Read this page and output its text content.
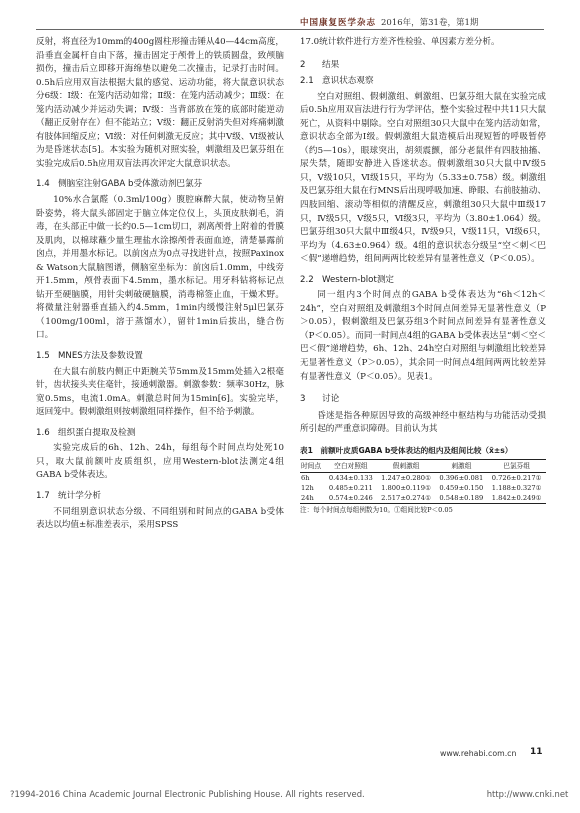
中国康复医学杂志 2016年，第31卷，第1期

反射，将直径为10mm的400g圆柱形撞击锤从40—44cm高度，沿垂直金属杆自由下落，撞击固定于颅骨上的铁质圆盘，致颅脑损伤，撞击后立即移开海绵垫以避免二次撞击，记录打击时间。0.5h后应用双盲法根据大鼠的感觉、运动功能，将大鼠意识状态分6级：Ⅰ级：在笼内活动如常；Ⅱ级：在笼内活动减少；Ⅲ级：在笼内活动减少并运动失调；Ⅳ级：当背部放在笼的底部时能逆动（翻正反射存在）但不能站立；Ⅴ级：翻正反射消失但对疼痛刺激有肢体回缩反应；Ⅵ级：对任何刺激无反应；其中Ⅴ级、Ⅵ级被认为是昏迷状态[5]。本实验为随机对照实验，刺激组及巴氯芬组在实验完成后0.5h应用双盲法再次评定大鼠意识状态。

1.4 侧脑室注射GABA b受体激动剂巴氯芬

10%水合氯醛（0.3ml/100g）腹腔麻醉大鼠，使动物呈俯卧姿势，将大鼠头部固定于脑立体定位仪上，头顶皮肤剃毛，消毒，在头部正中做一长约0.5—1cm切口，剥离颅骨上附着的骨膜及肌肉，以棉球蘸少量生理盐水涂擦颅骨表面血迹，清楚暴露前囟点，并用墨水标记。以前囟点为0点寻找进针点，按照Paxinox & Watson大鼠脑图谱，侧脑室坐标为：前囟后1.0mm，中线旁开1.5mm，颅骨表面下4.5mm，墨水标记。用牙科钻将标记点钻开至硬脑膜，用针尖刺破硬脑膜，消毒棉签止血，干燥术野。将微量注射器垂直插入约4.5mm，1min内缓慢注射5μl巴氯芬（100mg/100ml，溶于蒸馏水），留针1min后拔出，缝合伤口。

1.5 MNES方法及参数设置

在大鼠右前肢内侧正中距腕关节5mm及15mm处插入2根毫针，齿状接头夹住毫针，接通刺激器。刺激参数：频率30Hz，脉宽0.5ms，电流1.0mA。刺激总时间为15min[6]。实验完毕，返回笼中。假刺激组则按刺激组同样操作，但不给予刺激。

1.6 组织蛋白提取及检测

实验完成后的6h、12h、24h，每组每个时间点均处死10只，取大鼠前额叶皮质组织，应用Western-blot法测定4组GABA b受体表达。

1.7 统计学分析

不同组别意识状态分级、不同组别和时间点的GABA b受体表达以均值±标准差表示，采用SPSS

17.0统计软件进行方差齐性检验、单因素方差分析。

2 结果
2.1 意识状态观察

空白对照组、假刺激组、刺激组、巴氯芬组大鼠在实验完成后0.5h应用双盲法进行行为学评估，整个实验过程中共11只大鼠死亡，从资料中剔除。空白对照组30只大鼠中在笼内活动如常，意识状态全部为Ⅰ级。假刺激组大鼠造模后出现短暂的呼吸暂停（约5—10s），眼球突出，胡须震颤，部分老鼠伴有四肢抽搐、尿失禁，随即安静进入昏迷状态。假刺激组30只大鼠中Ⅳ级5只，Ⅴ级10只，Ⅵ级15只，平均为（5.33±0.758）级。刺激组及巴氯芬组大鼠在行MNS后出现呼吸加速、睁眼、右前肢抽动、四肢回缩、滚动等相似的清醒反应，刺激组30只大鼠中Ⅲ级17只，Ⅳ级5只，Ⅴ级5只，Ⅵ级3只，平均为（3.80±1.064）级。巴氯芬组30只大鼠中Ⅲ级4只，Ⅳ级9只，Ⅴ级11只，Ⅵ级6只，平均为（4.63±0.964）级。4组的意识状态分级呈“空＜刺＜巴＜假”递增趋势，组间两两比较差异有显著性意义（P＜0.05）。

2.2 Western-blot测定

同一组内3个时间点的GABA b受体表达为“6h＜12h＜24h”，空白对照组及刺激组3个时间点间差异无显著性意义（P＞0.05），假刺激组及巴氯芬组3个时间点间差异有显著性意义（P＜0.05）。而同一时间点4组的GABA b受体表达呈“刺＜空＜巴＜假”递增趋势，6h、12h、24h空白对照组与刺激组比较差异无显著性意义（P＞0.05），其余同一时间点4组间两两比较差异有显著性意义（P＜0.05）。见表1。

3 讨论

昏迷是指各种原因导致的高级神经中枢结构与功能活动受损所引起的严重意识障碍。目前认为其

表1　前额叶皮质GABA b受体表达的组内及组间比较（x̄±s）
时间点	空白对照组	假刺激组	刺激组	巴氯芬组
6h	0.434±0.133	1.247±0.280①	0.396±0.081	0.726±0.217①
12h	0.485±0.211	1.800±0.119①	0.459±0.150	1.188±0.327①
24h	0.574±0.246	2.517±0.274①	0.548±0.189	1.842±0.249①
注：每个时间点每组例数为10。①组间比较P＜0.05
www.rehabi.com.cn 11
?1994-2016 China Academic Journal Electronic Publishing House. All rights reserved.	http://www.cnki.net
